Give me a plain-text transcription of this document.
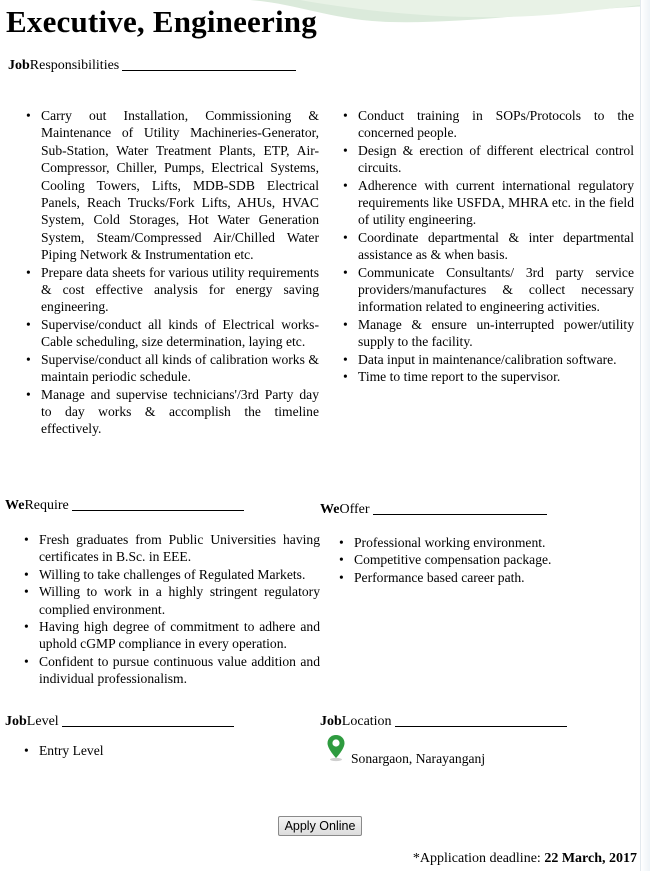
Executive, Engineering
Job Responsibilities
• Carry out Installation, Commissioning & Maintenance of Utility Machineries-Generator, Sub-Station, Water Treatment Plants, ETP, Air-Compressor, Chiller, Pumps, Electrical Systems, Cooling Towers, Lifts, MDB-SDB Electrical Panels, Reach Trucks/Fork Lifts, AHUs, HVAC System, Cold Storages, Hot Water Generation System, Steam/Compressed Air/Chilled Water Piping Network & Instrumentation etc.
• Prepare data sheets for various utility requirements & cost effective analysis for energy saving engineering.
• Supervise/conduct all kinds of Electrical works-Cable scheduling, size determination, laying etc.
• Supervise/conduct all kinds of calibration works & maintain periodic schedule.
• Manage and supervise technicians'/3rd Party day to day works & accomplish the timeline effectively.
• Conduct training in SOPs/Protocols to the concerned people.
• Design & erection of different electrical control circuits.
• Adherence with current international regulatory requirements like USFDA, MHRA etc. in the field of utility engineering.
• Coordinate departmental & inter departmental assistance as & when basis.
• Communicate Consultants/ 3rd party service providers/manufactures & collect necessary information related to engineering activities.
• Manage & ensure un-interrupted power/utility supply to the facility.
• Data input in maintenance/calibration software.
• Time to time report to the supervisor.
We Require
• Fresh graduates from Public Universities having certificates in B.Sc. in EEE.
• Willing to take challenges of Regulated Markets.
• Willing to work in a highly stringent regulatory complied environment.
• Having high degree of commitment to adhere and uphold cGMP compliance in every operation.
• Confident to pursue continuous value addition and individual professionalism.
We Offer
• Professional working environment.
• Competitive compensation package.
• Performance based career path.
Job Level
• Entry Level
Job Location
Sonargaon, Narayanganj
Apply Online
*Application deadline: 22 March, 2017
